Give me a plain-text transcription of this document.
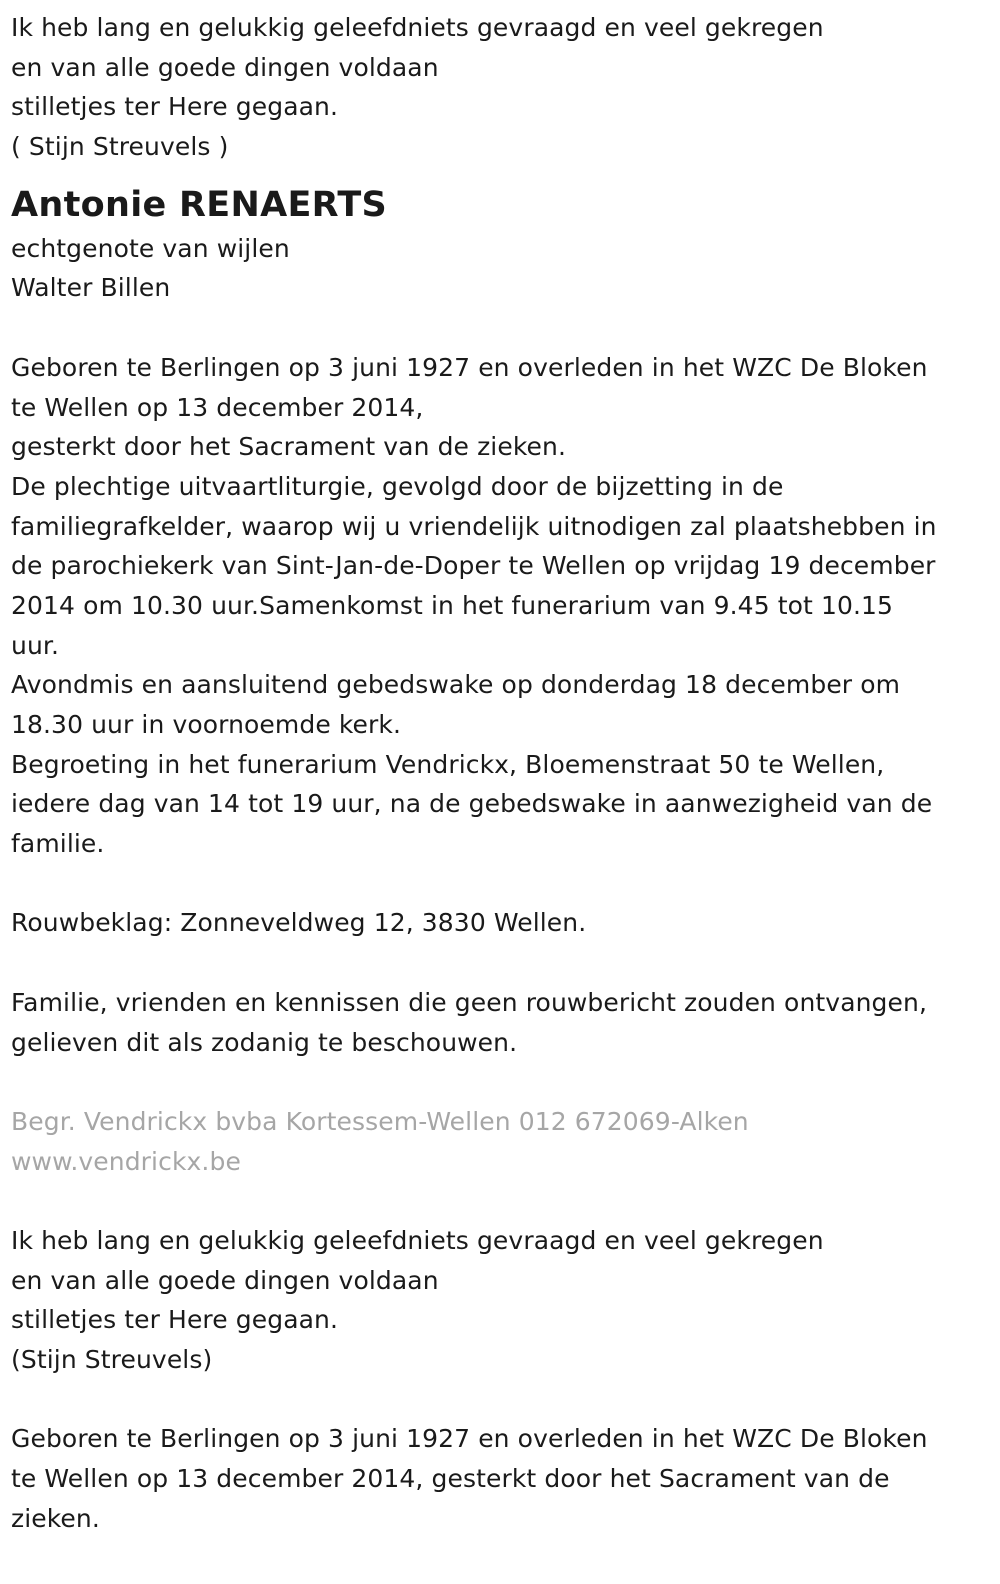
Ik heb lang en gelukkig geleefdniets gevraagd en veel gekregen
en van alle goede dingen voldaan
stilletjes ter Here gegaan.
( Stijn Streuvels )
Antonie RENAERTS
echtgenote van wijlen
Walter Billen
Geboren te Berlingen op 3 juni 1927 en overleden in het WZC De Bloken
te Wellen op 13 december 2014,
gesterkt door het Sacrament van de zieken.
De plechtige uitvaartliturgie, gevolgd door de bijzetting in de
familiegrafkelder, waarop wij u vriendelijk uitnodigen zal plaatshebben in
de parochiekerk van Sint-Jan-de-Doper te Wellen op vrijdag 19 december
2014 om 10.30 uur.Samenkomst in het funerarium van 9.45 tot 10.15
uur.
Avondmis en aansluitend gebedswake op donderdag 18 december om
18.30 uur in voornoemde kerk.
Begroeting in het funerarium Vendrickx, Bloemenstraat 50 te Wellen,
iedere dag van 14 tot 19 uur, na de gebedswake in aanwezigheid van de
familie.
Rouwbeklag: Zonneveldweg 12, 3830 Wellen.
Familie, vrienden en kennissen die geen rouwbericht zouden ontvangen,
gelieven dit als zodanig te beschouwen.
Begr. Vendrickx bvba Kortessem-Wellen 012 672069-Alken
www.vendrickx.be
Ik heb lang en gelukkig geleefdniets gevraagd en veel gekregen
en van alle goede dingen voldaan
stilletjes ter Here gegaan.
(Stijn Streuvels)
Geboren te Berlingen op 3 juni 1927 en overleden in het WZC De Bloken
te Wellen op 13 december 2014, gesterkt door het Sacrament van de
zieken.
